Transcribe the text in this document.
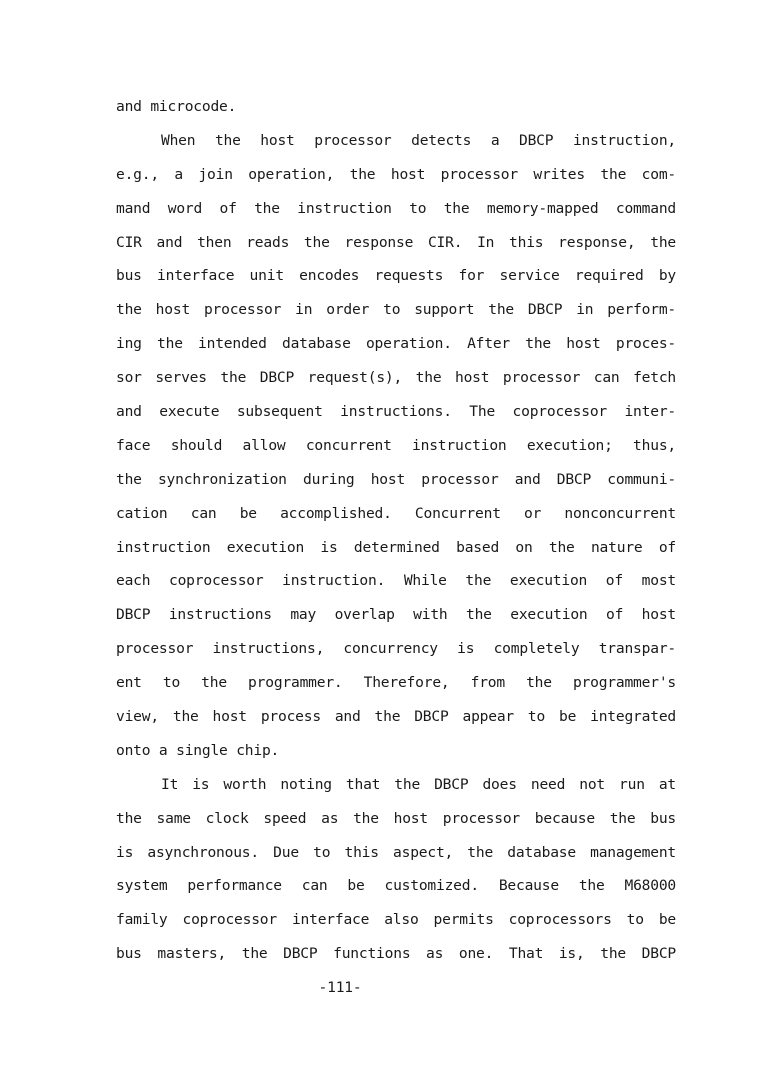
and microcode.
When the host processor detects a DBCP instruction,
e.g., a join operation, the host processor writes the com-
mand word of the instruction to the memory-mapped command
CIR and then reads the response CIR. In this response, the
bus interface unit encodes requests for service required by
the host processor in order to support the DBCP in perform-
ing the intended database operation. After the host proces-
sor serves the DBCP request(s), the host processor can fetch
and execute subsequent instructions. The coprocessor inter-
face should allow concurrent instruction execution; thus,
the synchronization during host processor and DBCP communi-
cation can be accomplished. Concurrent or nonconcurrent
instruction execution is determined based on the nature of
each coprocessor instruction. While the execution of most
DBCP instructions may overlap with the execution of host
processor instructions, concurrency is completely transpar-
ent to the programmer. Therefore, from the programmer's
view, the host process and the DBCP appear to be integrated
onto a single chip.
It is worth noting that the DBCP does need not run at
the same clock speed as the host processor because the bus
is asynchronous. Due to this aspect, the database management
system performance can be customized. Because the M68000
family coprocessor interface also permits coprocessors to be
bus masters, the DBCP functions as one. That is, the DBCP
-111-
